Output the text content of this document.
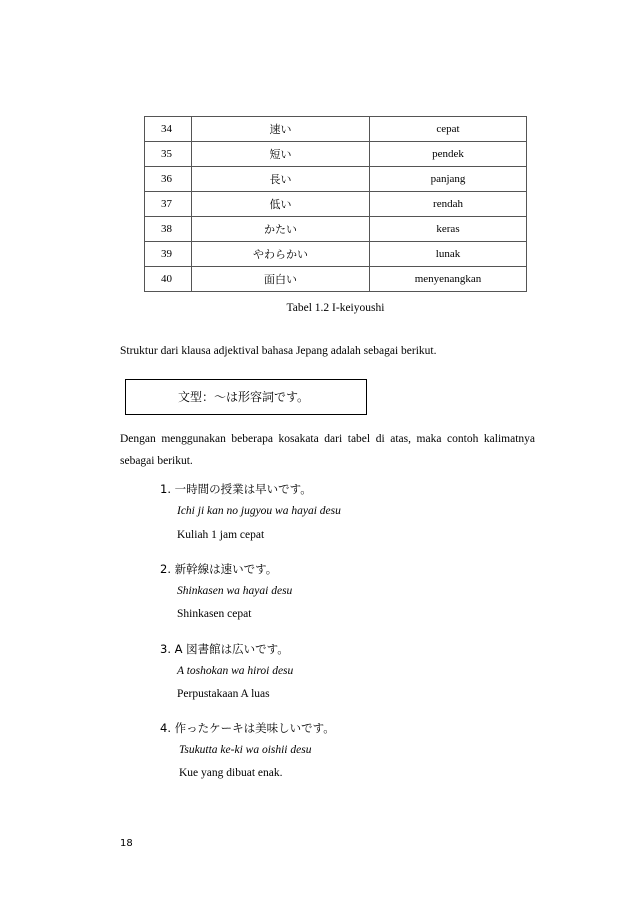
34	速い	cepat
35	短い	pendek
36	長い	panjang
37	低い	rendah
38	かたい	keras
39	やわらかい	lunak
40	面白い	menyenangkan
Tabel 1.2 I-keiyoushi

Struktur dari klausa adjektival bahasa Jepang adalah sebagai berikut.

文型：～は形容詞です。

Dengan menggunakan beberapa kosakata dari tabel di atas, maka contoh kalimatnya sebagai berikut.

1. 一時間の授業は早いです。
Ichi ji kan no jugyou wa hayai desu
Kuliah 1 jam cepat
2. 新幹線は速いです。
Shinkasen wa hayai desu
Shinkasen cepat
3. A 図書館は広いです。
A toshokan wa hiroi desu
Perpustakaan A luas
4. 作ったケーキは美味しいです。
Tsukutta ke-ki wa oishii desu
Kue yang dibuat enak.
18
